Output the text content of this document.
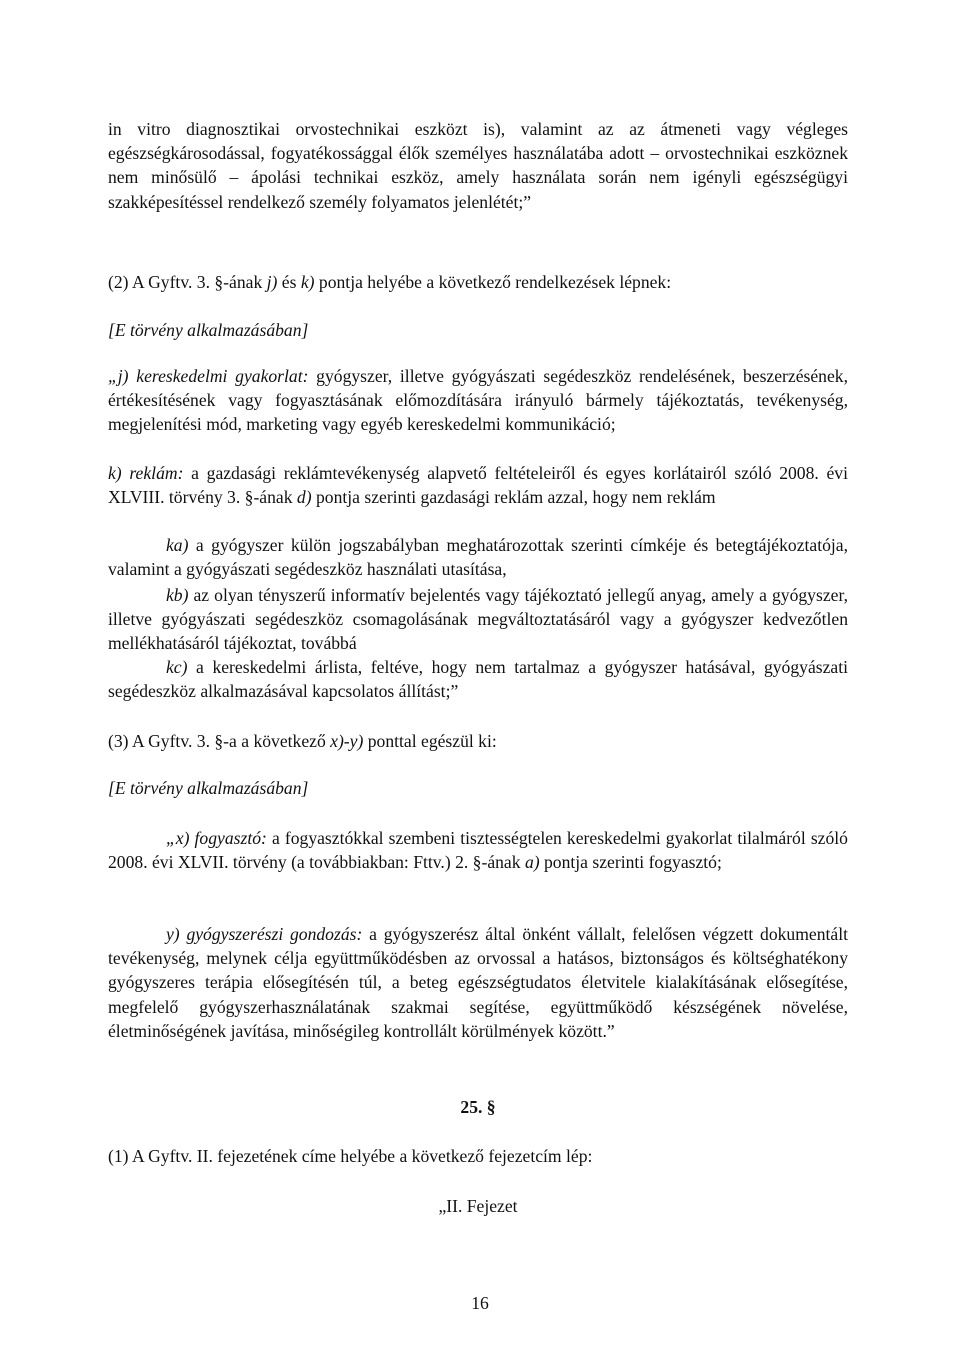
in vitro diagnosztikai orvostechnikai eszközt is), valamint az az átmeneti vagy végleges egészségkárosodással, fogyatékossággal élők személyes használatába adott – orvostechnikai eszköznek nem minősülő – ápolási technikai eszköz, amely használata során nem igényli egészségügyi szakképesítéssel rendelkező személy folyamatos jelenlétét;”
(2) A Gyftv. 3. §-ának j) és k) pontja helyébe a következő rendelkezések lépnek:
[E törvény alkalmazásában]
„j) kereskedelmi gyakorlat: gyógyszer, illetve gyógyászati segédeszköz rendelésének, beszerzésének, értékesítésének vagy fogyasztásának előmozdítására irányuló bármely tájékoztatás, tevékenység, megjelenítési mód, marketing vagy egyéb kereskedelmi kommunikáció;
k) reklám: a gazdasági reklámtevékenység alapvető feltételeiről és egyes korlátairól szóló 2008. évi XLVIII. törvény 3. §-ának d) pontja szerinti gazdasági reklám azzal, hogy nem reklám
ka) a gyógyszer külön jogszabályban meghatározottak szerinti címkéje és betegtájékoztatója, valamint a gyógyászati segédeszköz használati utasítása,
kb) az olyan tényszerű informatív bejelentés vagy tájékoztató jellegű anyag, amely a gyógyszer, illetve gyógyászati segédeszköz csomagolásának megváltoztatásáról vagy a gyógyszer kedvezőtlen mellékhatásáról tájékoztat, továbbá
kc) a kereskedelmi árlista, feltéve, hogy nem tartalmaz a gyógyszer hatásával, gyógyászati segédeszköz alkalmazásával kapcsolatos állítást;”
(3) A Gyftv. 3. §-a a következő x)-y) ponttal egészül ki:
[E törvény alkalmazásában]
„x) fogyasztó: a fogyasztókkal szembeni tisztességtelen kereskedelmi gyakorlat tilalmáról szóló 2008. évi XLVII. törvény (a továbbiakban: Fttv.) 2. §-ának a) pontja szerinti fogyasztó;
y) gyógyszerészi gondozás: a gyógyszerész által önként vállalt, felelősen végzett dokumentált tevékenység, melynek célja együttműködésben az orvossal a hatásos, biztonságos és költséghatékony gyógyszeres terápia elősegítésén túl, a beteg egészségtudatos életvitele kialakításának elősegítése, megfelelő gyógyszerhasználatának szakmai segítése, együttműködő készségének növelése, életminőségének javítása, minőségileg kontrollált körülmények között.”
25. §
(1) A Gyftv. II. fejezetének címe helyébe a következő fejezetcím lép:
„II. Fejezet
16
